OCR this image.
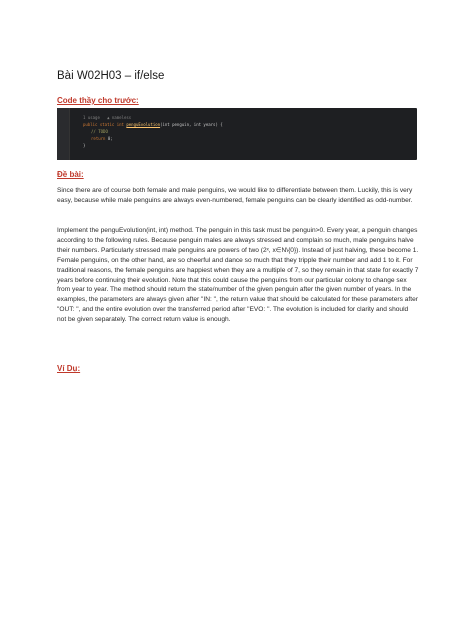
Bài W02H03 – if/else
Code thầy cho trước:
1 usage   ▲ nameless
public static int penguEvolution(int penguin, int years) {
// TODO
return 0;
}
Đề bài:
Since there are of course both female and male penguins, we would like to differentiate between them. Luckily, this is very easy, because while male penguins are always even-numbered, female penguins can be clearly identified as odd-number.
Implement the penguEvolution(int, int) method. The penguin in this task must be penguin>0. Every year, a penguin changes according to the following rules. Because penguin males are always stressed and complain so much, male penguins halve their numbers. Particularly stressed male penguins are powers of two (2ˣ, x∈N\{0}). Instead of just halving, these become 1. Female penguins, on the other hand, are so cheerful and dance so much that they tripple their number and add 1 to it. For traditional reasons, the female penguins are happiest when they are a multiple of 7, so they remain in that state for exactly 7 years before continuing their evolution. Note that this could cause the penguins from our particular colony to change sex from year to year. The method should return the state/number of the given penguin after the given number of years. In the examples, the parameters are always given after "IN: ", the return value that should be calculated for these parameters after "OUT: ", and the entire evolution over the transferred period after "EVO: ". The evolution is included for clarity and should not be given separately. The correct return value is enough.
Ví Dụ:
